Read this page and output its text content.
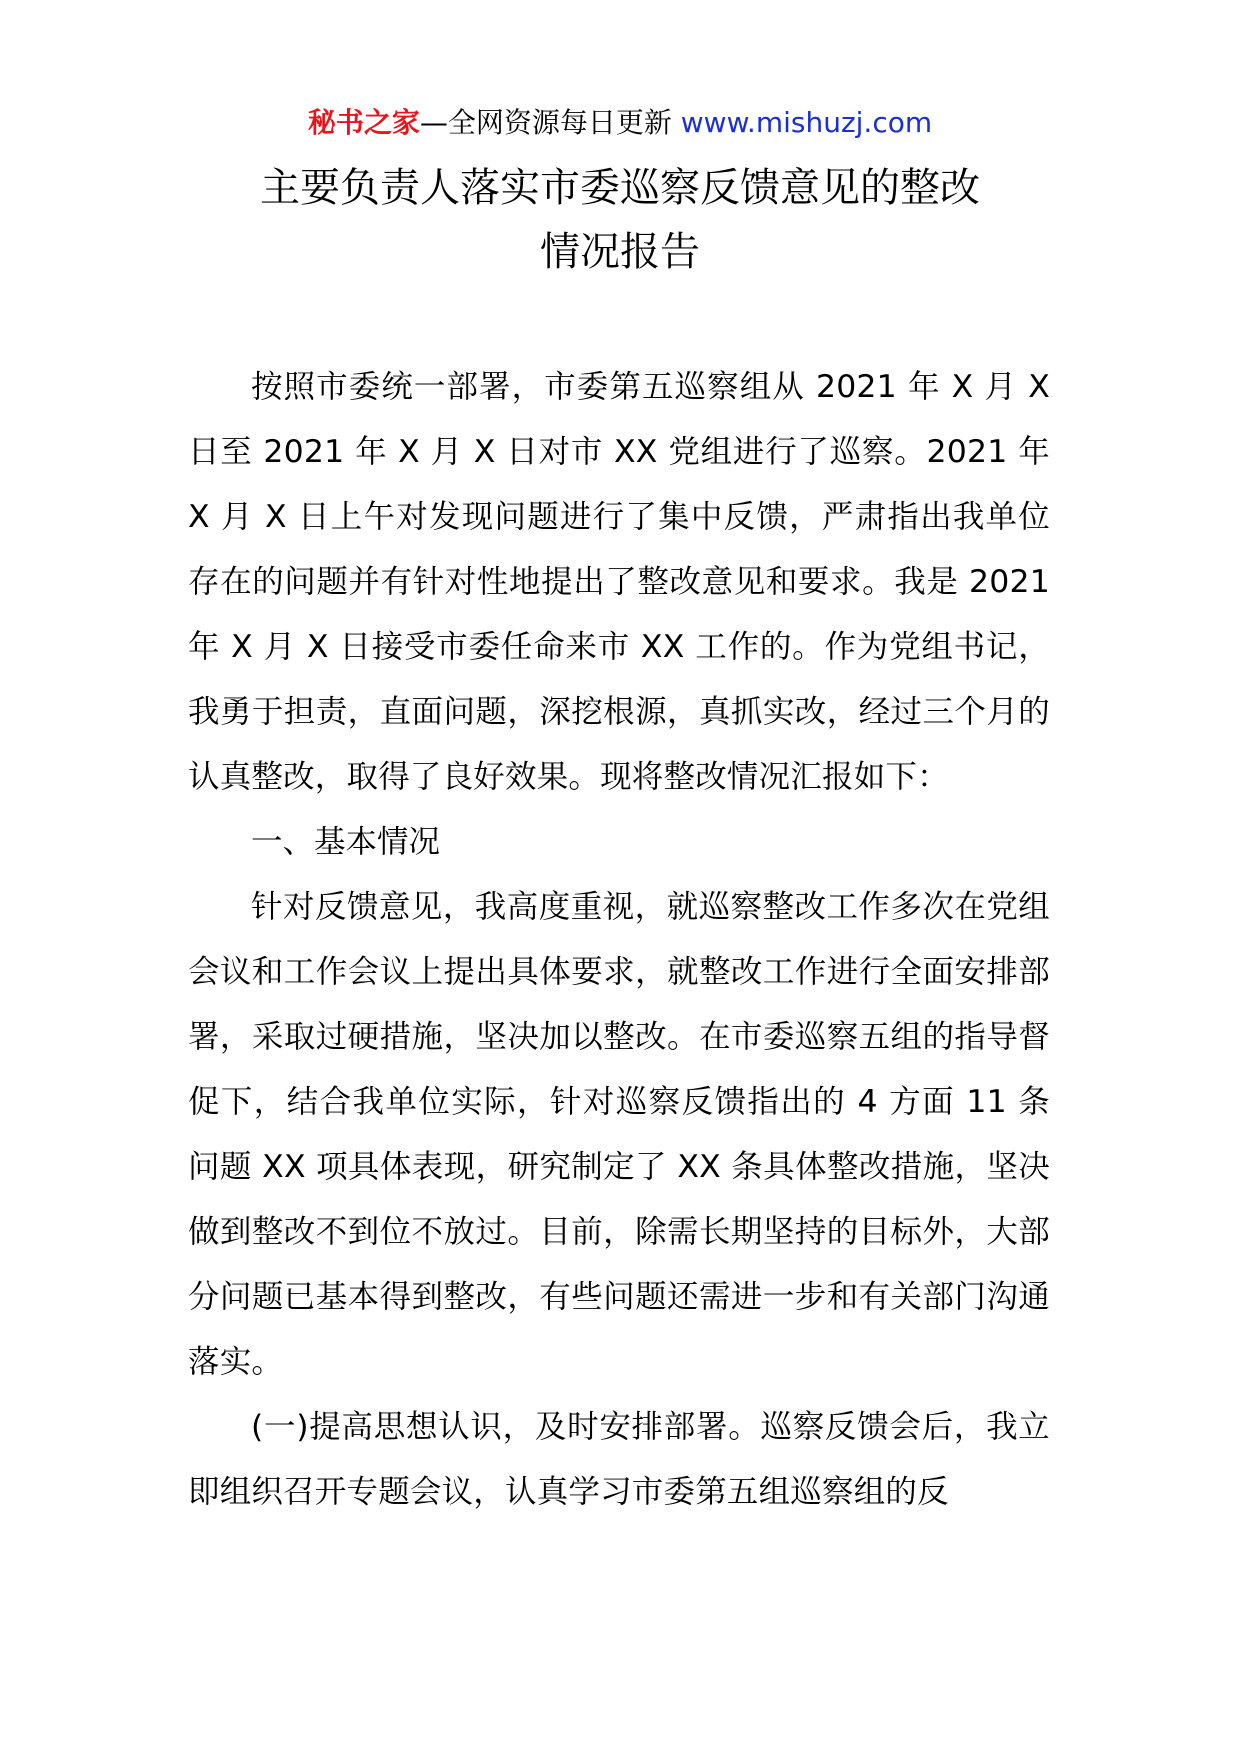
秘书之家—全网资源每日更新 www.mishuzj.com
主要负责人落实市委巡察反馈意见的整改
情况报告

按照市委统一部署，市委第五巡察组从 2021 年 X 月 X 日至 2021 年 X 月 X 日对市 XX 党组进行了巡察。2021 年 X 月 X 日上午对发现问题进行了集中反馈，严肃指出我单位存在的问题并有针对性地提出了整改意见和要求。我是 2021 年 X 月 X 日接受市委任命来市 XX 工作的。作为党组书记，我勇于担责，直面问题，深挖根源，真抓实改，经过三个月的认真整改，取得了良好效果。现将整改情况汇报如下：

一、基本情况

针对反馈意见，我高度重视，就巡察整改工作多次在党组会议和工作会议上提出具体要求，就整改工作进行全面安排部署，采取过硬措施，坚决加以整改。在市委巡察五组的指导督促下，结合我单位实际，针对巡察反馈指出的 4 方面 11 条问题 XX 项具体表现，研究制定了 XX 条具体整改措施，坚决做到整改不到位不放过。目前，除需长期坚持的目标外，大部分问题已基本得到整改，有些问题还需进一步和有关部门沟通落实。

(一)提高思想认识，及时安排部署。巡察反馈会后，我立即组织召开专题会议，认真学习市委第五组巡察组的反
